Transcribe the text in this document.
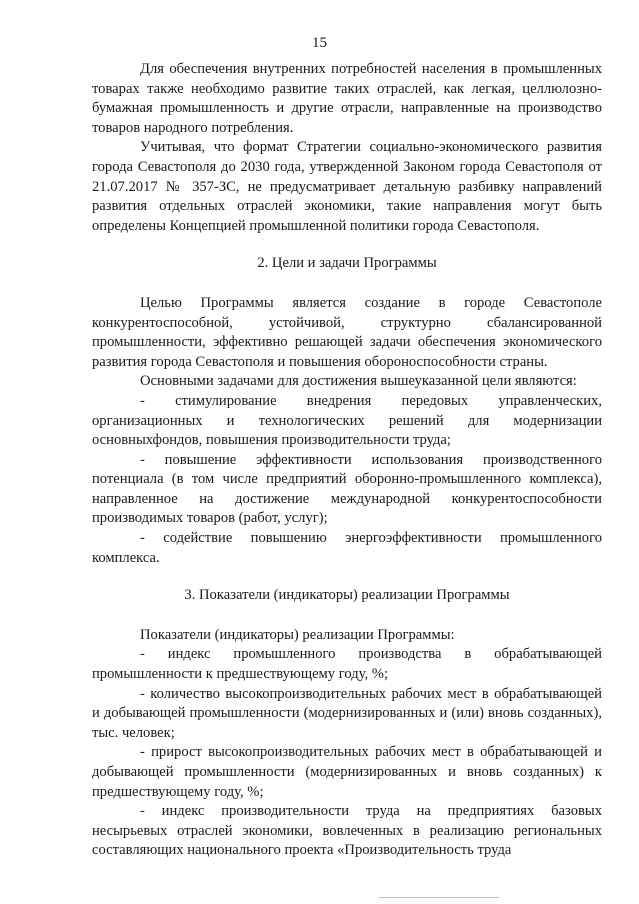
15

Для обеспечения внутренних потребностей населения в промышленных товарах также необходимо развитие таких отраслей, как легкая, целлюлозно-бумажная промышленность и другие отрасли, направленные на производство товаров народного потребления.

Учитывая, что формат Стратегии социально-экономического развития города Севастополя до 2030 года, утвержденной Законом города Севастополя от 21.07.2017 № 357-ЗС, не предусматривает детальную разбивку направлений развития отдельных отраслей экономики, такие направления могут быть определены Концепцией промышленной политики города Севастополя.

2. Цели и задачи Программы

Целью Программы является создание в городе Севастополе конкурентоспособной, устойчивой, структурно сбалансированной промышленности, эффективно решающей задачи обеспечения экономического развития города Севастополя и повышения обороноспособности страны.

Основными задачами для достижения вышеуказанной цели являются:

- стимулирование внедрения передовых управленческих, организационных и технологических решений для модернизации основныхфондов, повышения производительности труда;

- повышение эффективности использования производственного потенциала (в том числе предприятий оборонно-промышленного комплекса), направленное на достижение международной конкурентоспособности производимых товаров (работ, услуг);

- содействие повышению энергоэффективности промышленного комплекса.

3. Показатели (индикаторы) реализации Программы

Показатели (индикаторы) реализации Программы:

- индекс промышленного производства в обрабатывающей промышленности к предшествующему году, %;

- количество высокопроизводительных рабочих мест в обрабатывающей и добывающей промышленности (модернизированных и (или) вновь созданных), тыс. человек;

- прирост высокопроизводительных рабочих мест в обрабатывающей и добывающей промышленности (модернизированных и вновь созданных) к предшествующему году, %;

- индекс производительности труда на предприятиях базовых несырьевых отраслей экономики, вовлеченных в реализацию региональных составляющих национального проекта «Производительность труда
